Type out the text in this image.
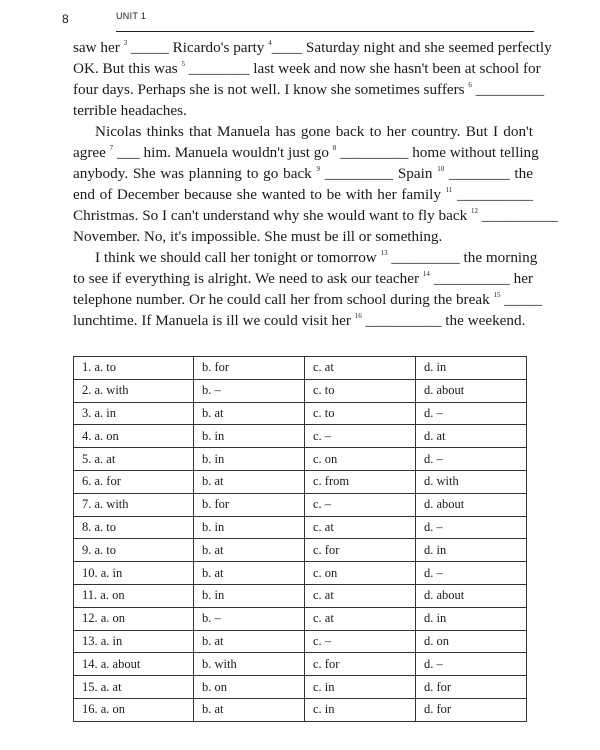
8	UNIT 1
saw her $^3$ _____ Ricardo's party $^4$____ Saturday night and she seemed perfectly
OK. But this was $^5$ ________ last week and now she hasn't been at school for
four days. Perhaps she is not well. I know she sometimes suffers $^6$ _________
terrible headaches.
Nicolas thinks that Manuela has gone back to her country. But I don't
agree $^7$ ___ him. Manuela wouldn't just go $^8$ _________ home without telling
anybody. She was planning to go back $^9$ _________ Spain $^{10}$ ________ the
end of December because she wanted to be with her family $^{11}$ __________
Christmas. So I can't understand why she would want to fly back $^{12}$ __________
November. No, it's impossible. She must be ill or something.
I think we should call her tonight or tomorrow $^{13}$ _________ the morning
to see if everything is alright. We need to ask our teacher $^{14}$ __________ her
telephone number. Or he could call her from school during the break $^{15}$ _____
lunchtime. If Manuela is ill we could visit her $^{16}$ __________ the weekend.
1. a. to	b. for	c. at	d. in
2. a. with	b. –	c. to	d. about
3. a. in	b. at	c. to	d. –
4. a. on	b. in	c. –	d. at
5. a. at	b. in	c. on	d. –
6. a. for	b. at	c. from	d. with
7. a. with	b. for	c. –	d. about
8. a. to	b. in	c. at	d. –
9. a. to	b. at	c. for	d. in
10. a. in	b. at	c. on	d. –
11. a. on	b. in	c. at	d. about
12. a. on	b. –	c. at	d. in
13. a. in	b. at	c. –	d. on
14. a. about	b. with	c. for	d. –
15. a. at	b. on	c. in	d. for
16. a. on	b. at	c. in	d. for
